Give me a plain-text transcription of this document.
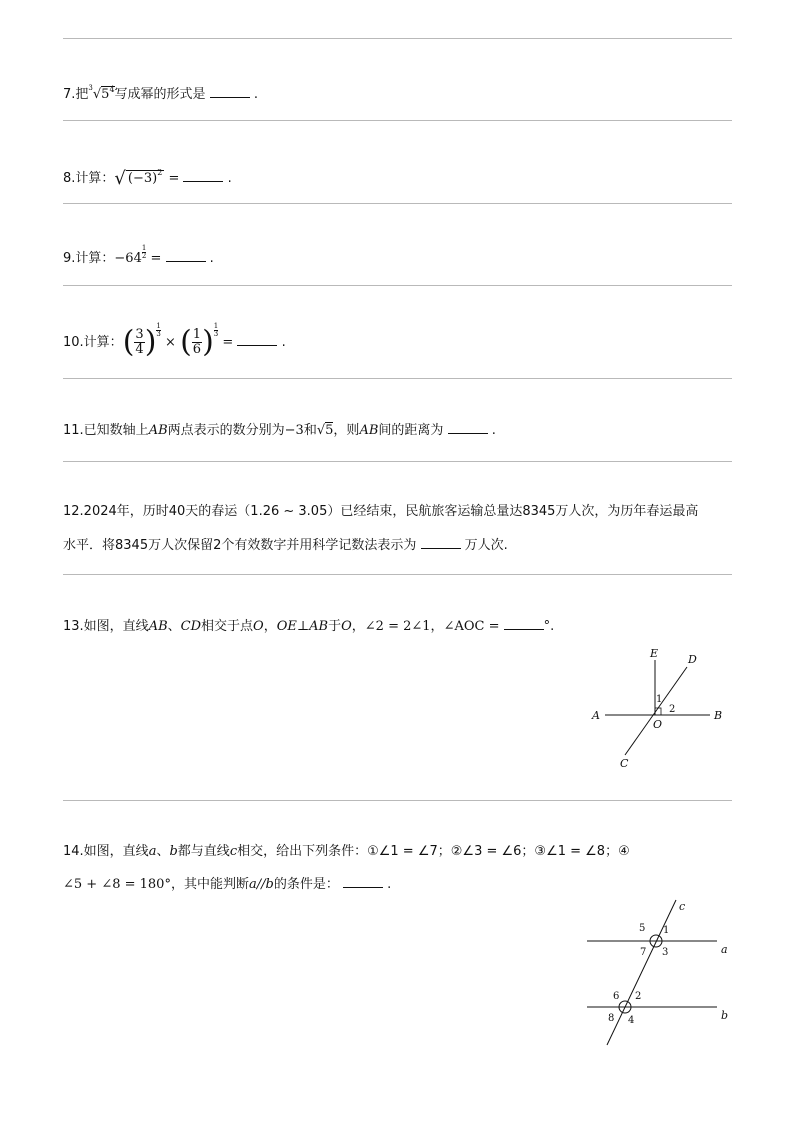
7.把$^3√5^4$写成幂的形式是	.
8.计算：√ $(-3)^2$ =	.
9.计算：$-64 \frac{1}{2}$ =	.
10.计算：( $\frac{3}{4}$ ) $\frac{1}{3}$
× ( $\frac{1}{6}$ ) $\frac{1}{3}$
=	.
11.已知数轴上AB两点表示的数分别为−3和√5，则AB间的距离为	.
12.2024年，历时40天的春运（1.26 ~ 3.05）已经结束，民航旅客运输总量达8345万人次，为历年春运最高
水平．将8345万人次保留2个有效数字并用科学记数法表示为	万人次.
13.如图，直线AB、CD相交于点O，OE⊥AB于O，∠2 = 2∠1，∠AOC =	°.
E	D
A	B
O
C
1
2
14.如图，直线a、b都与直线c相交，给出下列条件：①∠1 = ∠7；②∠3 = ∠6；③∠1 = ∠8；④
∠5 + ∠8 = 180°，其中能判断a//b的条件是：	.
c
a
b
5 1
7 3
6 2
8 4
